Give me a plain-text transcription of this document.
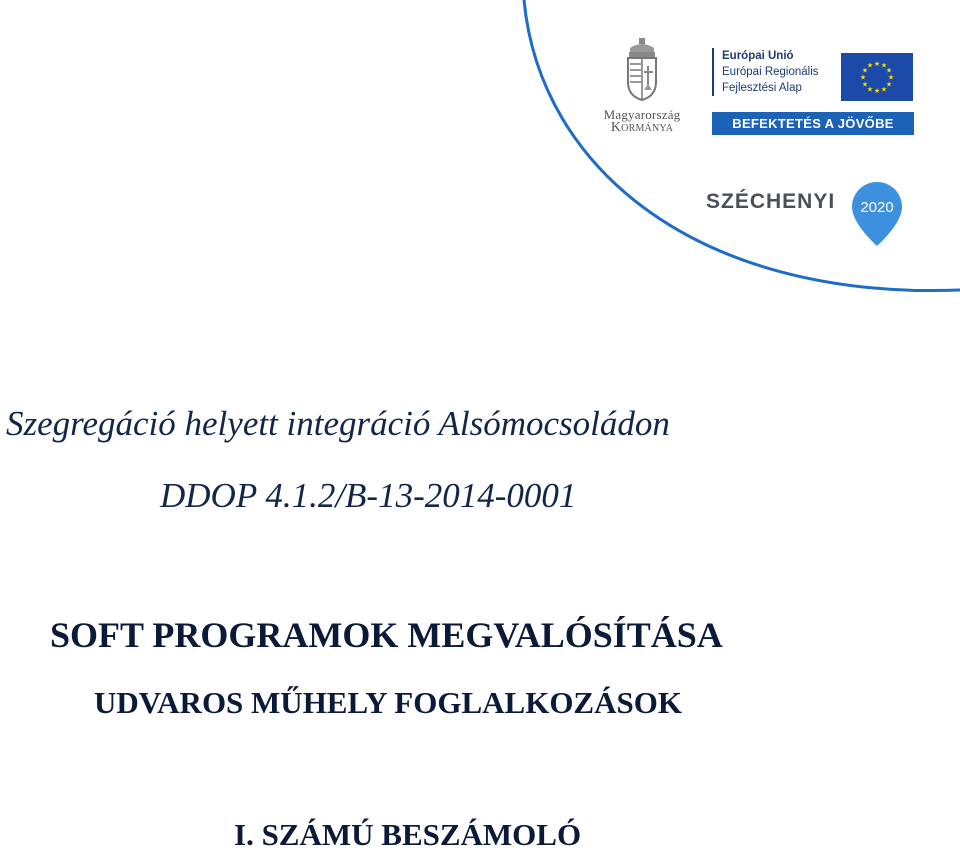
Magyarország
Kormánya
Európai Unió
Európai Regionális
Fejlesztési Alap
★ ★
★
★
★
★
★
★
★
★
★
★
BEFEKTETÉS A JÖVŐBE
SZÉCHENYI 2020
Szegregáció helyett integráció Alsómocsoládon
DDOP 4.1.2/B-13-2014-0001
SOFT PROGRAMOK MEGVALÓSÍTÁSA
UDVAROS MŰHELY FOGLALKOZÁSOK
I. SZÁMÚ BESZÁMOLÓ
